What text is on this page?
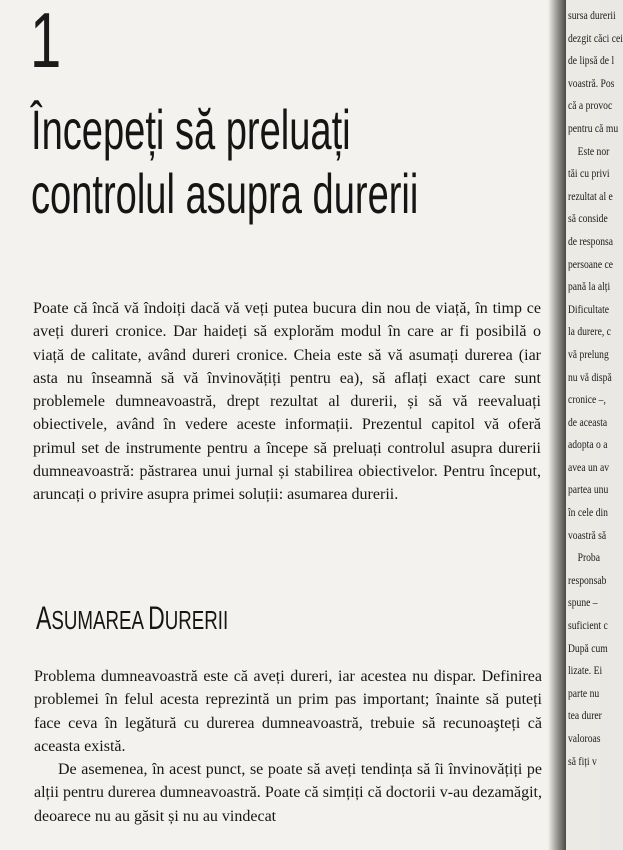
1
Începeți să preluați
controlul asupra durerii

Poate că încă vă îndoiți dacă vă veți putea bucura din nou de viață, în timp ce aveți dureri cronice. Dar haideți să explorăm modul în care ar fi posibilă o viață de calitate, având dureri cronice. Cheia este să vă asumați durerea (iar asta nu înseamnă să vă învinovățiți pentru ea), să aflați exact care sunt problemele dumneavoastră, drept rezultat al durerii, și să vă reevaluați obiectivele, având în vedere aceste informații. Prezentul capitol vă oferă primul set de instrumente pentru a începe să preluați controlul asupra durerii dumneavoastră: păstrarea unui jurnal și stabilirea obiectivelor. Pentru început, aruncați o privire asupra primei soluții: asumarea durerii.

ASUMAREA DURERII

Problema dumneavoastră este că aveți dureri, iar acestea nu dispar. Definirea problemei în felul acesta reprezintă un prim pas important; înainte să puteți face ceva în legătură cu durerea dumneavoastră, trebuie să recunoaşteți că aceasta există.

De asemenea, în acest punct, se poate să aveți tendința să îi învinovățiți pe alții pentru durerea dumneavoastră. Poate că simțiți că doctorii v-au dezamăgit, deoarece nu au găsit și nu au vindecat

sursa durerii
dezgit căci cei
de lipsă de l
voastră. Pos
că a provoc
pentru că mu
Este nor
tăi cu privi
rezultat al e
să conside
de responsa
persoane ce
pană la alți
Dificultate
la durere, c
vă prelung
nu vă dispă
cronice –,
de aceasta
adopta o a
avea un av
partea unu
în cele din
voastră să
Proba
responsab
spune –
suficient c
După cum
lizate. Ei
parte nu
tea durer
valoroas
să fiți v
